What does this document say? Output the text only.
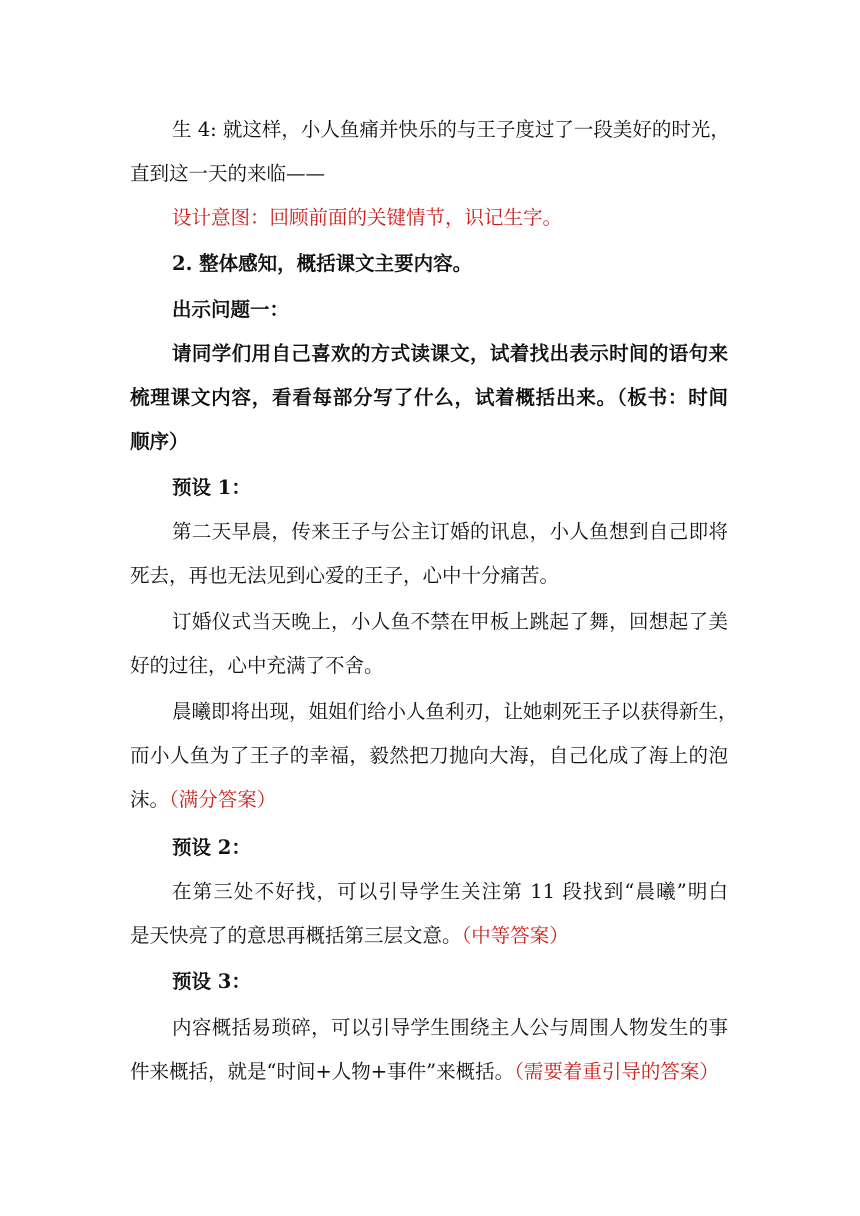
生 4: 就这样，小人鱼痛并快乐的与王子度过了一段美好的时光，
直到这一天的来临——
设计意图：回顾前面的关键情节，识记生字。
2. 整体感知，概括课文主要内容。
出示问题一：
请同学们用自己喜欢的方式读课文，试着找出表示时间的语句来
梳理课文内容，看看每部分写了什么，试着概括出来。（板书：时间
顺序）
预设 1：
第二天早晨，传来王子与公主订婚的讯息，小人鱼想到自己即将
死去，再也无法见到心爱的王子，心中十分痛苦。
订婚仪式当天晚上，小人鱼不禁在甲板上跳起了舞，回想起了美
好的过往，心中充满了不舍。
晨曦即将出现，姐姐们给小人鱼利刃，让她刺死王子以获得新生，
而小人鱼为了王子的幸福，毅然把刀抛向大海，自己化成了海上的泡
沫。（满分答案）
预设 2：
在第三处不好找，可以引导学生关注第 11 段找到“晨曦”明白
是天快亮了的意思再概括第三层文意。（中等答案）
预设 3：
内容概括易琐碎，可以引导学生围绕主人公与周围人物发生的事
件来概括，就是“时间+人物+事件”来概括。（需要着重引导的答案）
